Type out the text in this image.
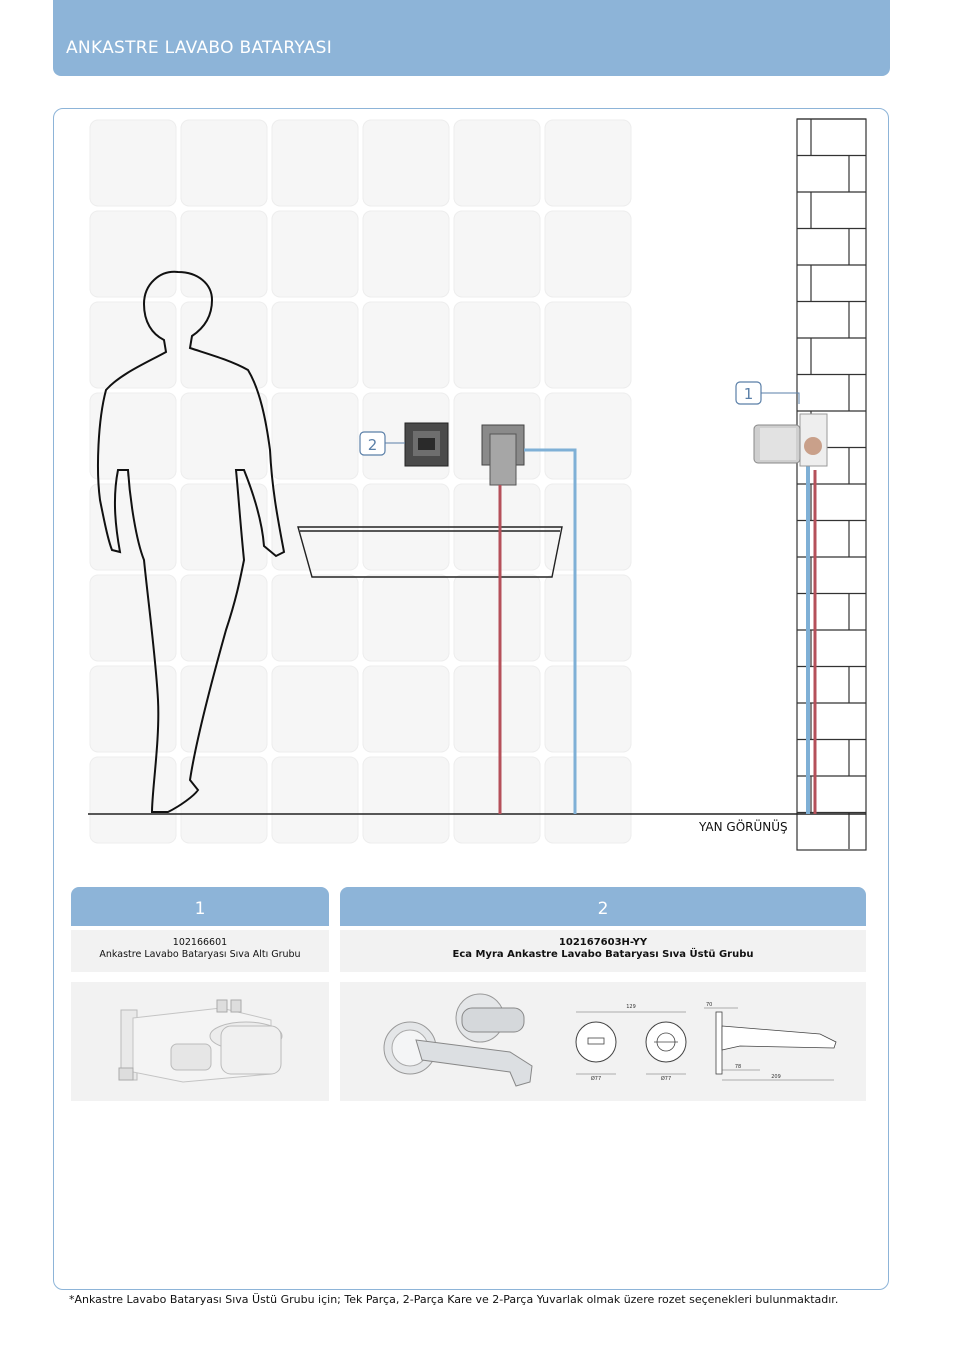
ANKASTRE LAVABO BATARYASI
1
2
YAN GÖRÜNÜŞ
1
102166601
Ankastre Lavabo Bataryası Sıva Altı Grubu
2
102167603H-YY
Eca Myra Ankastre Lavabo Bataryası Sıva Üstü Grubu
129
Ø77	Ø77
70
78
209
*Ankastre Lavabo Bataryası Sıva Üstü Grubu için; Tek Parça, 2-Parça Kare ve 2-Parça Yuvarlak olmak üzere rozet seçenekleri bulunmaktadır.
